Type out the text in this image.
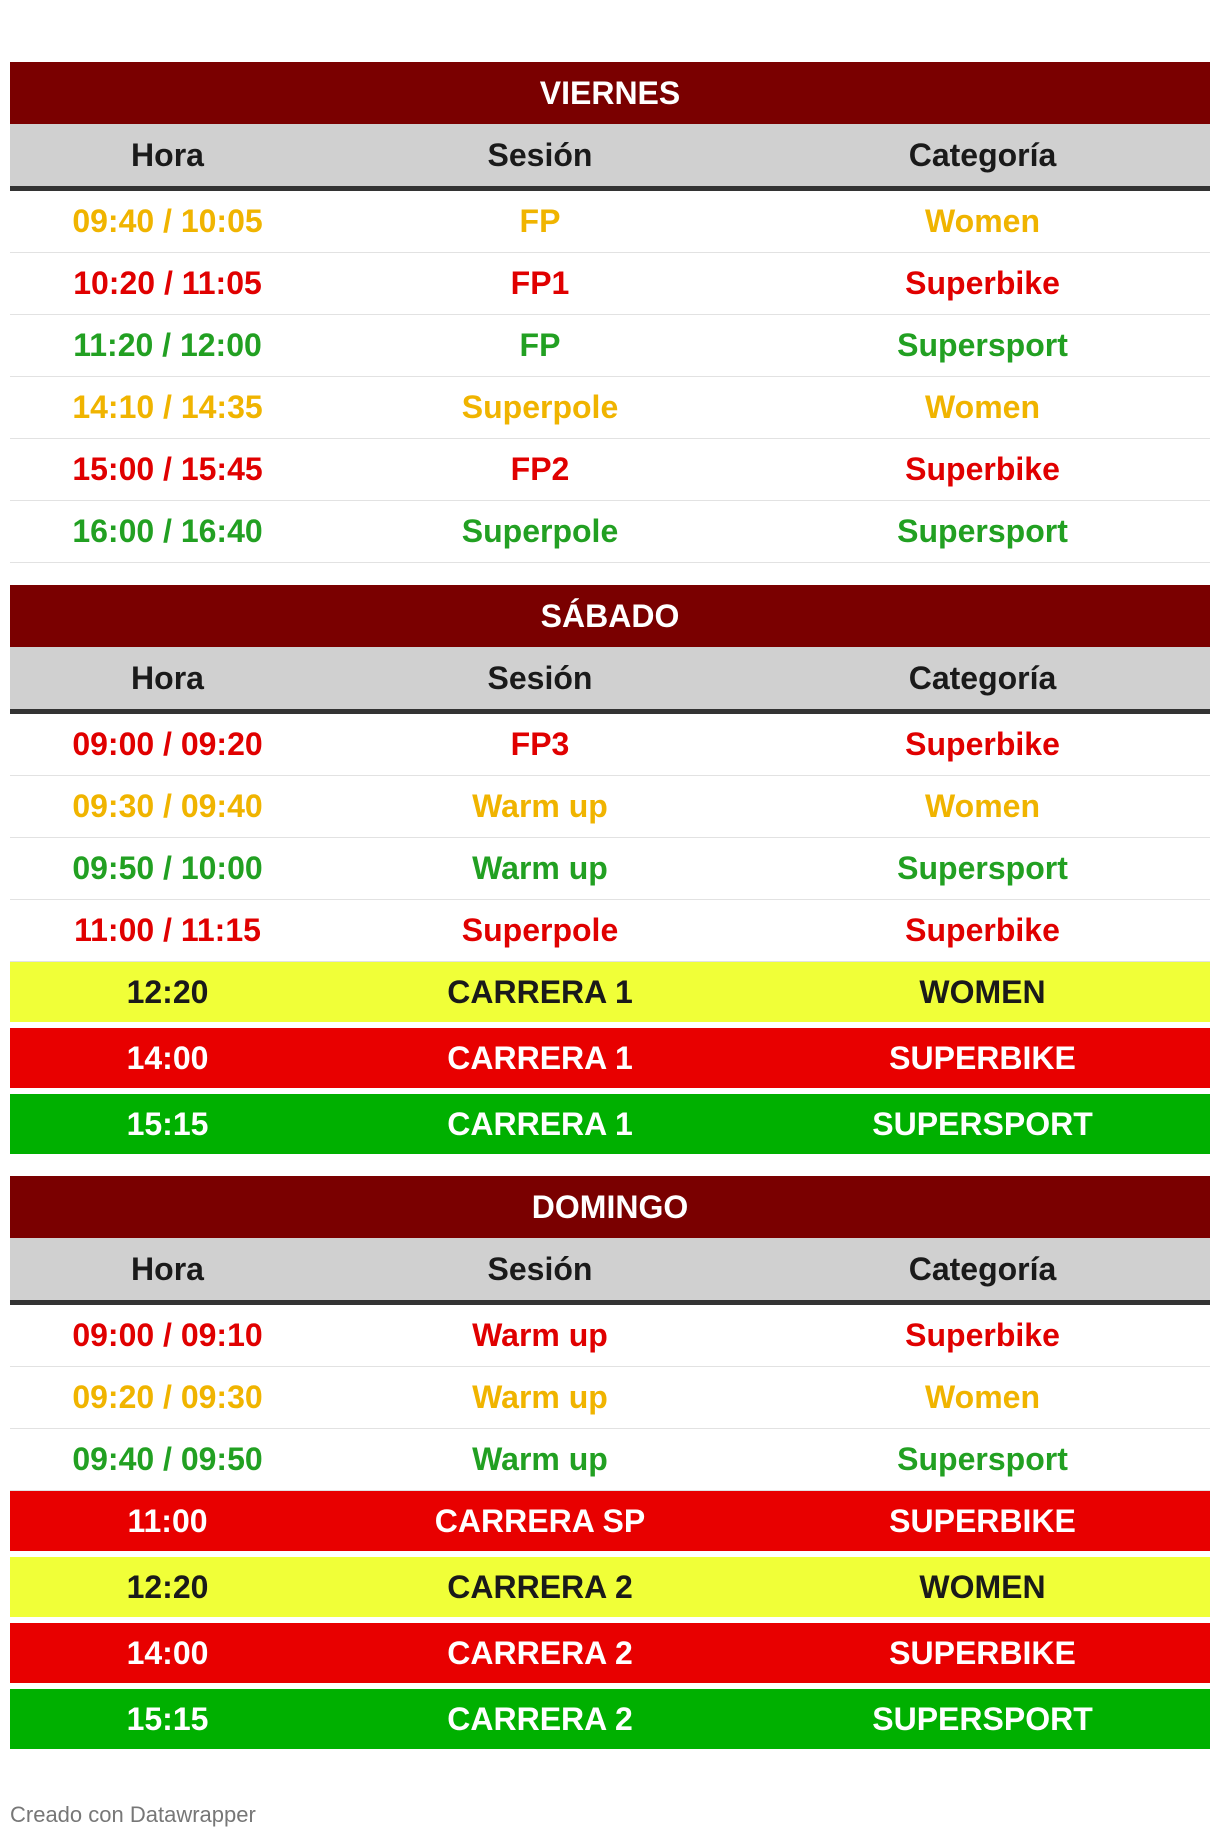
VIERNES
Hora	Sesión	Categoría
09:40 / 10:05	FP	Women
10:20 / 11:05	FP1	Superbike
11:20 / 12:00	FP	Supersport
14:10 / 14:35	Superpole	Women
15:00 / 15:45	FP2	Superbike
16:00 / 16:40	Superpole	Supersport
SÁBADO
Hora	Sesión	Categoría
09:00 / 09:20	FP3	Superbike
09:30 / 09:40	Warm up	Women
09:50 / 10:00	Warm up	Supersport
11:00 / 11:15	Superpole	Superbike
12:20	CARRERA 1	WOMEN
14:00	CARRERA 1	SUPERBIKE
15:15	CARRERA 1	SUPERSPORT
DOMINGO
Hora	Sesión	Categoría
09:00 / 09:10	Warm up	Superbike
09:20 / 09:30	Warm up	Women
09:40 / 09:50	Warm up	Supersport
11:00	CARRERA SP	SUPERBIKE
12:20	CARRERA 2	WOMEN
14:00	CARRERA 2	SUPERBIKE
15:15	CARRERA 2	SUPERSPORT
Creado con Datawrapper
